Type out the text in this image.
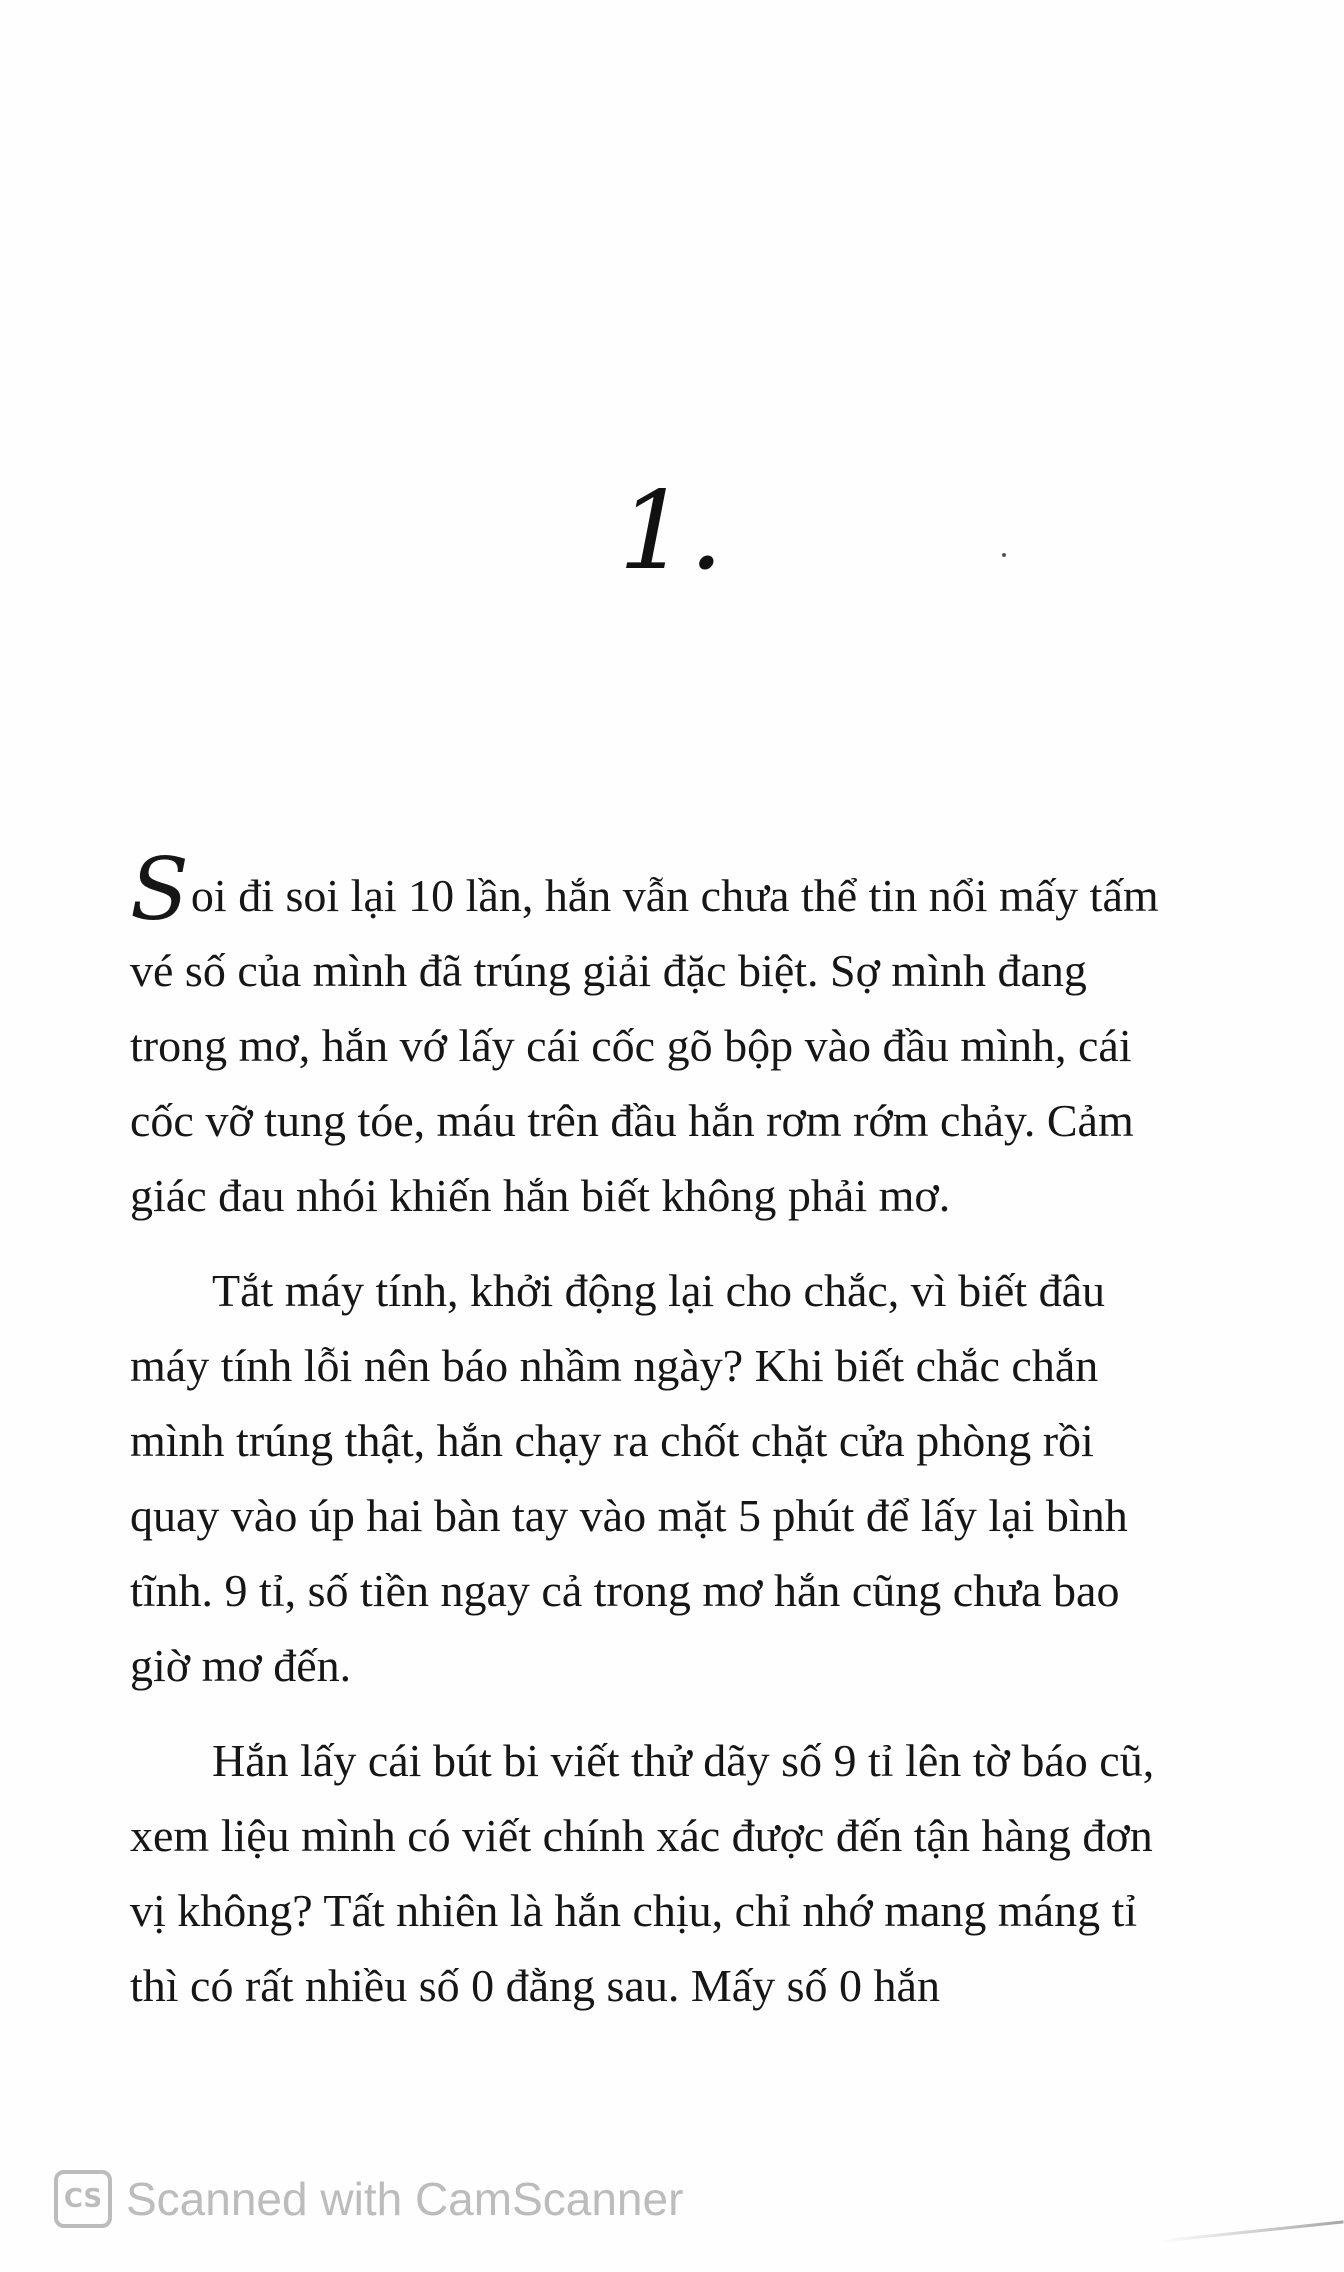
1.

Soi đi soi lại 10 lần, hắn vẫn chưa thể tin nổi mấy tấm vé số của mình đã trúng giải đặc biệt. Sợ mình đang trong mơ, hắn vớ lấy cái cốc gõ bộp vào đầu mình, cái cốc vỡ tung tóe, máu trên đầu hắn rơm rớm chảy. Cảm giác đau nhói khiến hắn biết không phải mơ.

Tắt máy tính, khởi động lại cho chắc, vì biết đâu máy tính lỗi nên báo nhầm ngày? Khi biết chắc chắn mình trúng thật, hắn chạy ra chốt chặt cửa phòng rồi quay vào úp hai bàn tay vào mặt 5 phút để lấy lại bình tĩnh. 9 tỉ, số tiền ngay cả trong mơ hắn cũng chưa bao giờ mơ đến.

Hắn lấy cái bút bi viết thử dãy số 9 tỉ lên tờ báo cũ, xem liệu mình có viết chính xác được đến tận hàng đơn vị không? Tất nhiên là hắn chịu, chỉ nhớ mang máng tỉ thì có rất nhiều số 0 đằng sau. Mấy số 0 hắn

CS Scanned with CamScanner
